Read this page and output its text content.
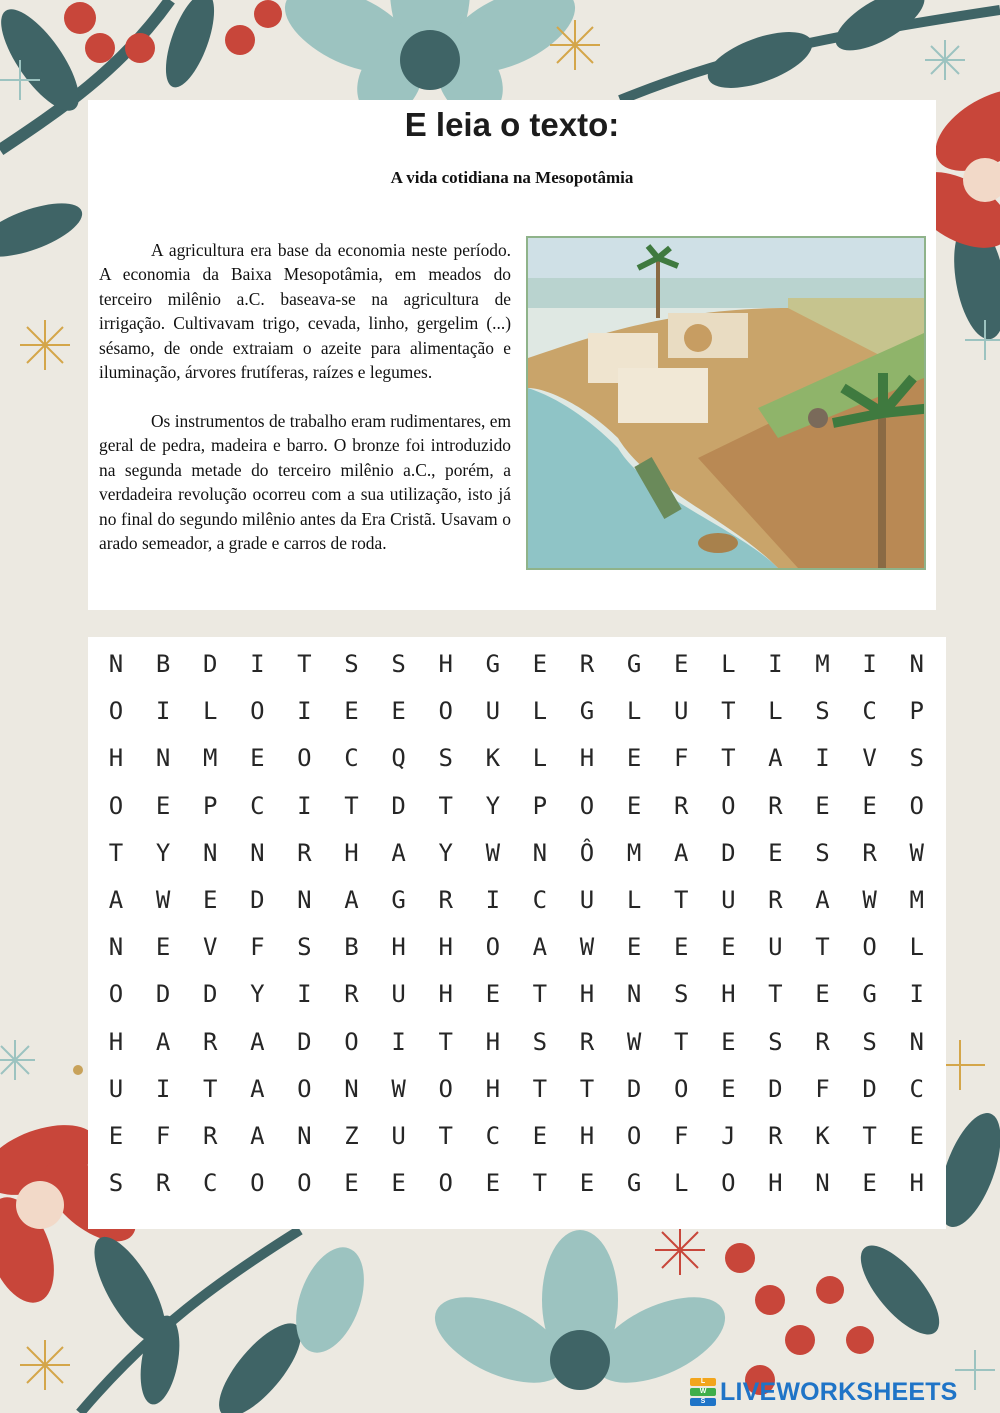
E leia o texto:
A vida cotidiana na Mesopotâmia

A agricultura era base da economia neste período. A economia da Baixa Mesopotâmia, em meados do terceiro milênio a.C. baseava-se na agricultura de irrigação. Cultivavam trigo, cevada, linho, gergelim (...) sésamo, de onde extraiam o azeite para alimentação e iluminação, árvores frutíferas, raízes e legumes.

Os instrumentos de trabalho eram rudimentares, em geral de pedra, madeira e barro. O bronze foi introduzido na segunda metade do terceiro milênio a.C., porém, a verdadeira revolução ocorreu com a sua utilização, isto já no final do segundo milênio antes da Era Cristã. Usavam o arado semeador, a grade e carros de roda.

N	B	D	I	T	S	S	H	G	E	R	G	E	L	I	M	I	N
O	I	L	O	I	E	E	O	U	L	G	L	U	T	L	S	C	P
H	N	M	E	O	C	Q	S	K	L	H	E	F	T	A	I	V	S
O	E	P	C	I	T	D	T	Y	P	O	E	R	O	R	E	E	O
T	Y	N	N	R	H	A	Y	W	N	Ô	M	A	D	E	S	R	W
A	W	E	D	N	A	G	R	I	C	U	L	T	U	R	A	W	M
N	E	V	F	S	B	H	H	O	A	W	E	E	E	U	T	O	L
O	D	D	Y	I	R	U	H	E	T	H	N	S	H	T	E	G	I
H	A	R	A	D	O	I	T	H	S	R	W	T	E	S	R	S	N
U	I	T	A	O	N	W	O	H	T	T	D	O	E	D	F	D	C
E	F	R	A	N	Z	U	T	C	E	H	O	F	J	R	K	T	E
S	R	C	O	O	E	E	O	E	T	E	G	L	O	H	N	E	H
L
W
S LIVEWORKSHEETS
